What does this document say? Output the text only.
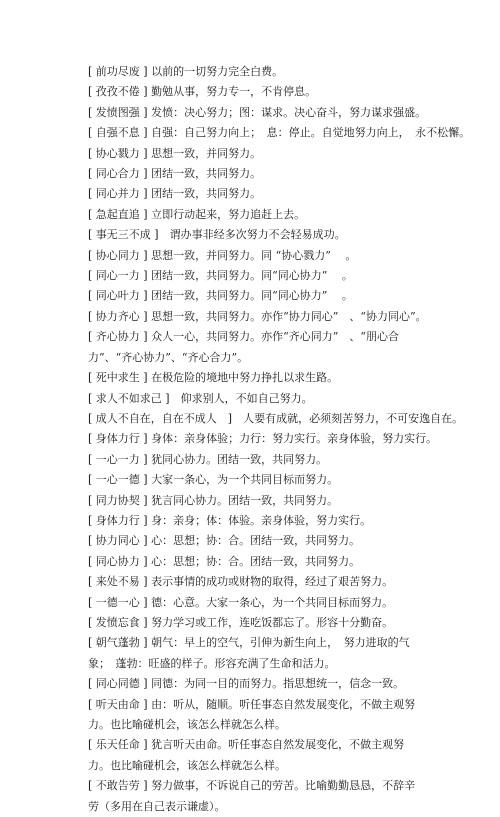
[ 前功尽废 ] 以前的一切努力完全白费。

[ 孜孜不倦 ] 勤勉从事，努力专一，不肯停息。

[ 发愤图强 ] 发愤：决心努力；图：谋求。决心奋斗，努力谋求强盛。

[ 自强不息 ] 自强：自己努力向上；　息：停止。自觉地努力向上，　永不松懈。

[ 协心戮力 ] 思想一致，并同努力。

[ 同心合力 ] 团结一致，共同努力。

[ 同心并力 ] 团结一致，共同努力。

[ 急起直追 ] 立即行动起来，努力追赶上去。

[ 事无三不成 ]　谓办事非经多次努力不会轻易成功。

[ 协心同力 ] 思想一致，并同努力。同 “协心戮力”　 。

[ 同心一力 ] 团结一致，共同努力。同“同心协力”　 。

[ 同心叶力 ] 团结一致，共同努力。同“同心协力”　 。

[ 协力齐心 ] 思想一致，共同努力。亦作“协力同心”　、“协力同心”。

[ 齐心协力 ] 众人一心，共同努力。亦作“齐心同力”　、“朋心合力”、“齐心协力”、“齐心合力”。

[ 死中求生 ] 在极危险的境地中努力挣扎以求生路。

[ 求人不如求己 ]　仰求别人，不如自己努力。

[ 成人不自在，自在不成人　]　人要有成就，必须刻苦努力，不可安逸自在。

[ 身体力行 ] 身体：亲身体验；力行：努力实行。亲身体验，努力实行。

[ 一心一力 ] 犹同心协力。团结一致，共同努力。

[ 一心一德 ] 大家一条心，为一个共同目标而努力。

[ 同力协契 ] 犹言同心协力。团结一致，共同努力。

[ 身体力行 ] 身：亲身；体：体验。亲身体验，努力实行。

[ 协力同心 ] 心：思想；协：合。团结一致，共同努力。

[ 同心协力 ] 心：思想；协：合。团结一致，共同努力。

[ 来处不易 ] 表示事情的成功或财物的取得，经过了艰苦努力。

[ 一德一心 ] 德：心意。大家一条心，为一个共同目标而努力。

[ 发愤忘食 ] 努力学习或工作，连吃饭都忘了。形容十分勤奋。

[ 朝气蓬勃 ] 朝气：早上的空气，引伸为新生向上，　努力进取的气象；　蓬勃：旺盛的样子。形容充满了生命和活力。

[ 同心同德 ] 同德：为同一目的而努力。指思想统一，信念一致。

[ 听天由命 ] 由：听从，随顺。听任事态自然发展变化，不做主观努力。也比喻碰机会，该怎么样就怎么样。

[ 乐天任命 ] 犹言听天由命。听任事态自然发展变化，不做主观努力。也比喻碰机会，该怎么样就怎么样。

[ 不敢告劳 ] 努力做事，不诉说自己的劳苦。比喻勤勤恳恳，不辞辛劳（多用在自己表示谦虚）。
